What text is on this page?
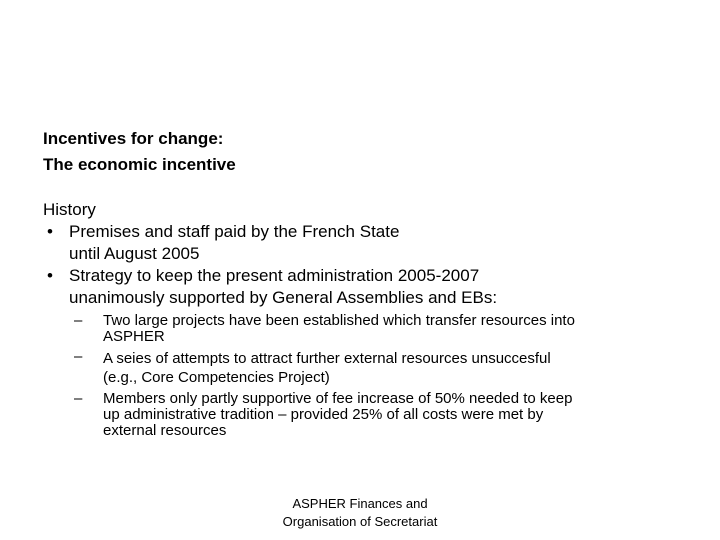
Incentives for change:
The economic incentive
History
• Premises and staff paid by the French State
until August 2005
• Strategy to keep the present administration 2005-2007
unanimously supported by General Assemblies and EBs:
– Two large projects have been established which transfer resources into
ASPHER
– A seies of attempts to attract further external resources unsuccesful
(e.g., Core Competencies Project)
– Members only partly supportive of fee increase of 50% needed to keep
up administrative tradition – provided 25% of all costs were met by
external resources
ASPHER Finances and
Organisation of Secretariat
